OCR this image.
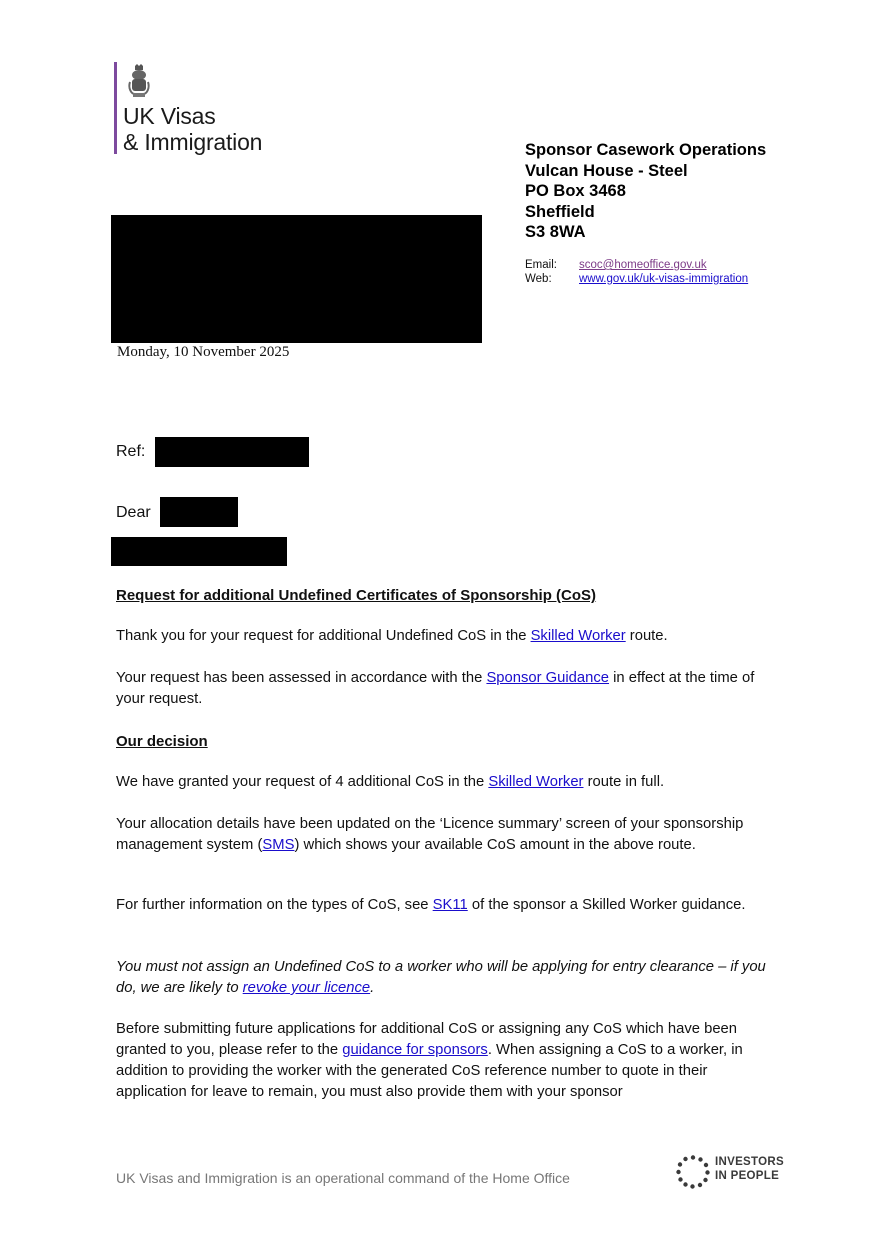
UK Visas
& Immigration	Sponsor Casework Operations
Vulcan House - Steel
PO Box 3468
Sheffield
S3 8WA
Email:	scoc@homeoffice.gov.uk
Web:	www.gov.uk/uk-visas-immigration
Monday, 10 November 2025
Ref:
Dear
Request for additional Undefined Certificates of Sponsorship (CoS)
Thank you for your request for additional Undefined CoS in the Skilled Worker route.
Your request has been assessed in accordance with the Sponsor Guidance in effect at the time of your request.
Our decision
We have granted your request of 4 additional CoS in the Skilled Worker route in full.
Your allocation details have been updated on the ‘Licence summary’ screen of your sponsorship management system (SMS) which shows your available CoS amount in the above route.
For further information on the types of CoS, see SK11 of the sponsor a Skilled Worker guidance.
You must not assign an Undefined CoS to a worker who will be applying for entry clearance – if you do, we are likely to revoke your licence.
Before submitting future applications for additional CoS or assigning any CoS which have been granted to you, please refer to the guidance for sponsors. When assigning a CoS to a worker, in addition to providing the worker with the generated CoS reference number to quote in their application for leave to remain, you must also provide them with your sponsor
UK Visas and Immigration is an operational command of the Home Office
INVESTORS
IN PEOPLE
